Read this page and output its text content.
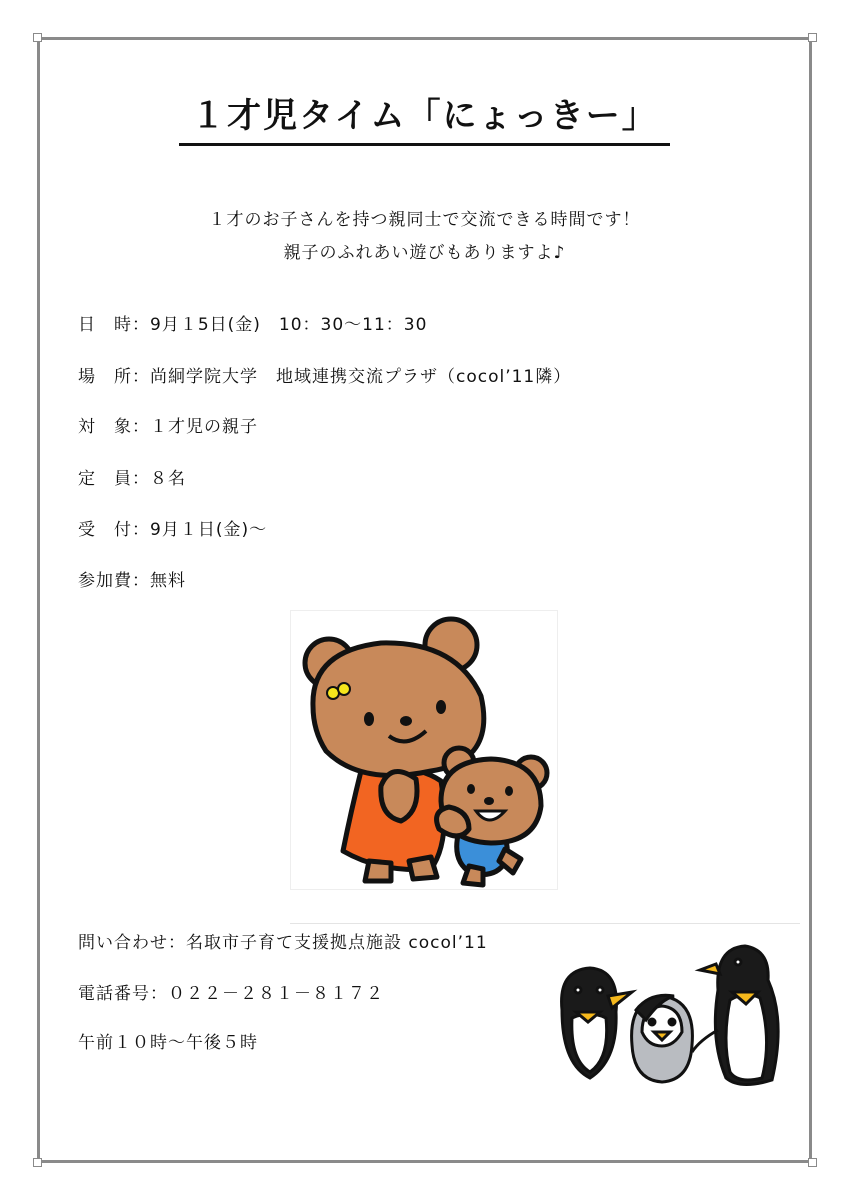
１才児タイム「にょっきー」
１才のお子さんを持つ親同士で交流できる時間です！
親子のふれあい遊びもありますよ♪
日　時：9月１5日(金)　10：30～11：30
場　所：尚絅学院大学　地域連携交流プラザ（cocol’11隣）
対　象：１才児の親子
定　員：８名
受　付：9月１日(金)～
参加費：無料
問い合わせ：名取市子育て支援拠点施設 cocol’11
電話番号：０２２－２８１－８１７２
午前１０時～午後５時
